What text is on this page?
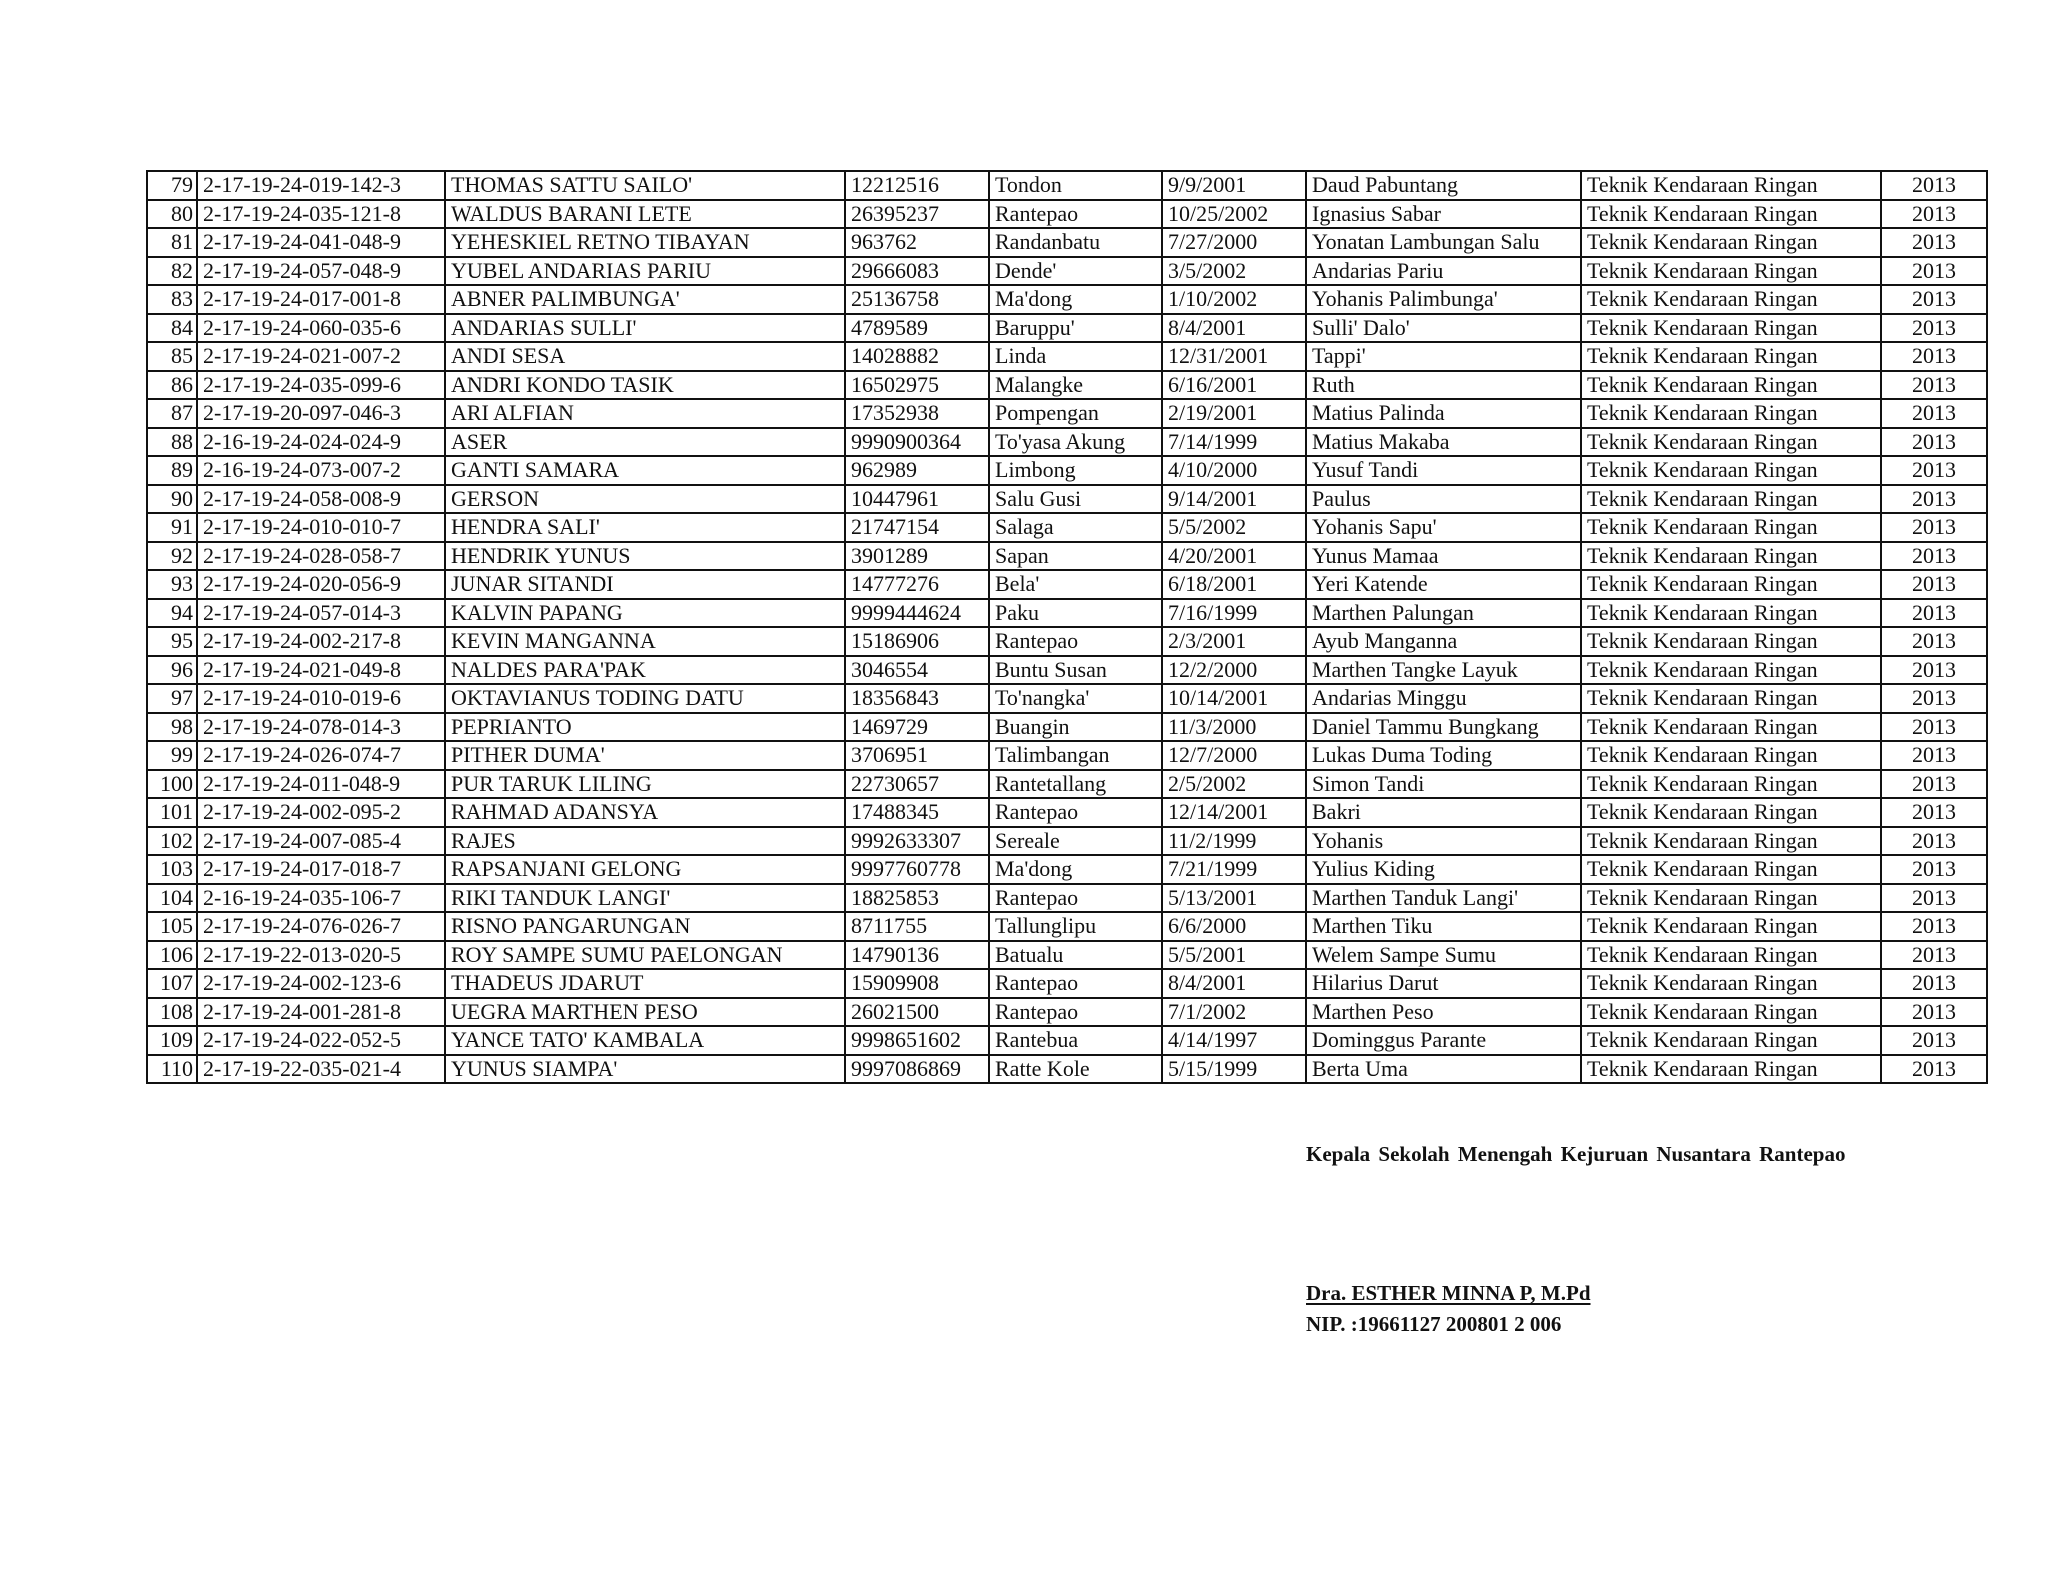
79	2-17-19-24-019-142-3	THOMAS SATTU SAILO'	12212516	Tondon	9/9/2001	Daud Pabuntang	Teknik Kendaraan Ringan	2013
80	2-17-19-24-035-121-8	WALDUS BARANI LETE	26395237	Rantepao	10/25/2002	Ignasius Sabar	Teknik Kendaraan Ringan	2013
81	2-17-19-24-041-048-9	YEHESKIEL RETNO TIBAYAN	963762	Randanbatu	7/27/2000	Yonatan Lambungan Salu	Teknik Kendaraan Ringan	2013
82	2-17-19-24-057-048-9	YUBEL ANDARIAS PARIU	29666083	Dende'	3/5/2002	Andarias Pariu	Teknik Kendaraan Ringan	2013
83	2-17-19-24-017-001-8	ABNER PALIMBUNGA'	25136758	Ma'dong	1/10/2002	Yohanis Palimbunga'	Teknik Kendaraan Ringan	2013
84	2-17-19-24-060-035-6	ANDARIAS SULLI'	4789589	Baruppu'	8/4/2001	Sulli' Dalo'	Teknik Kendaraan Ringan	2013
85	2-17-19-24-021-007-2	ANDI SESA	14028882	Linda	12/31/2001	Tappi'	Teknik Kendaraan Ringan	2013
86	2-17-19-24-035-099-6	ANDRI KONDO TASIK	16502975	Malangke	6/16/2001	Ruth	Teknik Kendaraan Ringan	2013
87	2-17-19-20-097-046-3	ARI ALFIAN	17352938	Pompengan	2/19/2001	Matius Palinda	Teknik Kendaraan Ringan	2013
88	2-16-19-24-024-024-9	ASER	9990900364	To'yasa Akung	7/14/1999	Matius Makaba	Teknik Kendaraan Ringan	2013
89	2-16-19-24-073-007-2	GANTI SAMARA	962989	Limbong	4/10/2000	Yusuf Tandi	Teknik Kendaraan Ringan	2013
90	2-17-19-24-058-008-9	GERSON	10447961	Salu Gusi	9/14/2001	Paulus	Teknik Kendaraan Ringan	2013
91	2-17-19-24-010-010-7	HENDRA SALI'	21747154	Salaga	5/5/2002	Yohanis Sapu'	Teknik Kendaraan Ringan	2013
92	2-17-19-24-028-058-7	HENDRIK YUNUS	3901289	Sapan	4/20/2001	Yunus Mamaa	Teknik Kendaraan Ringan	2013
93	2-17-19-24-020-056-9	JUNAR SITANDI	14777276	Bela'	6/18/2001	Yeri Katende	Teknik Kendaraan Ringan	2013
94	2-17-19-24-057-014-3	KALVIN PAPANG	9999444624	Paku	7/16/1999	Marthen Palungan	Teknik Kendaraan Ringan	2013
95	2-17-19-24-002-217-8	KEVIN MANGANNA	15186906	Rantepao	2/3/2001	Ayub Manganna	Teknik Kendaraan Ringan	2013
96	2-17-19-24-021-049-8	NALDES PARA'PAK	3046554	Buntu Susan	12/2/2000	Marthen Tangke Layuk	Teknik Kendaraan Ringan	2013
97	2-17-19-24-010-019-6	OKTAVIANUS TODING DATU	18356843	To'nangka'	10/14/2001	Andarias Minggu	Teknik Kendaraan Ringan	2013
98	2-17-19-24-078-014-3	PEPRIANTO	1469729	Buangin	11/3/2000	Daniel Tammu Bungkang	Teknik Kendaraan Ringan	2013
99	2-17-19-24-026-074-7	PITHER DUMA'	3706951	Talimbangan	12/7/2000	Lukas Duma Toding	Teknik Kendaraan Ringan	2013
100	2-17-19-24-011-048-9	PUR TARUK LILING	22730657	Rantetallang	2/5/2002	Simon Tandi	Teknik Kendaraan Ringan	2013
101	2-17-19-24-002-095-2	RAHMAD ADANSYA	17488345	Rantepao	12/14/2001	Bakri	Teknik Kendaraan Ringan	2013
102	2-17-19-24-007-085-4	RAJES	9992633307	Sereale	11/2/1999	Yohanis	Teknik Kendaraan Ringan	2013
103	2-17-19-24-017-018-7	RAPSANJANI GELONG	9997760778	Ma'dong	7/21/1999	Yulius Kiding	Teknik Kendaraan Ringan	2013
104	2-16-19-24-035-106-7	RIKI TANDUK LANGI'	18825853	Rantepao	5/13/2001	Marthen Tanduk Langi'	Teknik Kendaraan Ringan	2013
105	2-17-19-24-076-026-7	RISNO PANGARUNGAN	8711755	Tallunglipu	6/6/2000	Marthen Tiku	Teknik Kendaraan Ringan	2013
106	2-17-19-22-013-020-5	ROY SAMPE SUMU PAELONGAN	14790136	Batualu	5/5/2001	Welem Sampe Sumu	Teknik Kendaraan Ringan	2013
107	2-17-19-24-002-123-6	THADEUS JDARUT	15909908	Rantepao	8/4/2001	Hilarius Darut	Teknik Kendaraan Ringan	2013
108	2-17-19-24-001-281-8	UEGRA MARTHEN PESO	26021500	Rantepao	7/1/2002	Marthen Peso	Teknik Kendaraan Ringan	2013
109	2-17-19-24-022-052-5	YANCE TATO' KAMBALA	9998651602	Rantebua	4/14/1997	Dominggus Parante	Teknik Kendaraan Ringan	2013
110	2-17-19-22-035-021-4	YUNUS SIAMPA'	9997086869	Ratte Kole	5/15/1999	Berta Uma	Teknik Kendaraan Ringan	2013
Kepala Sekolah Menengah Kejuruan Nusantara Rantepao
Dra. ESTHER MINNA P, M.Pd
NIP. :19661127 200801 2 006
